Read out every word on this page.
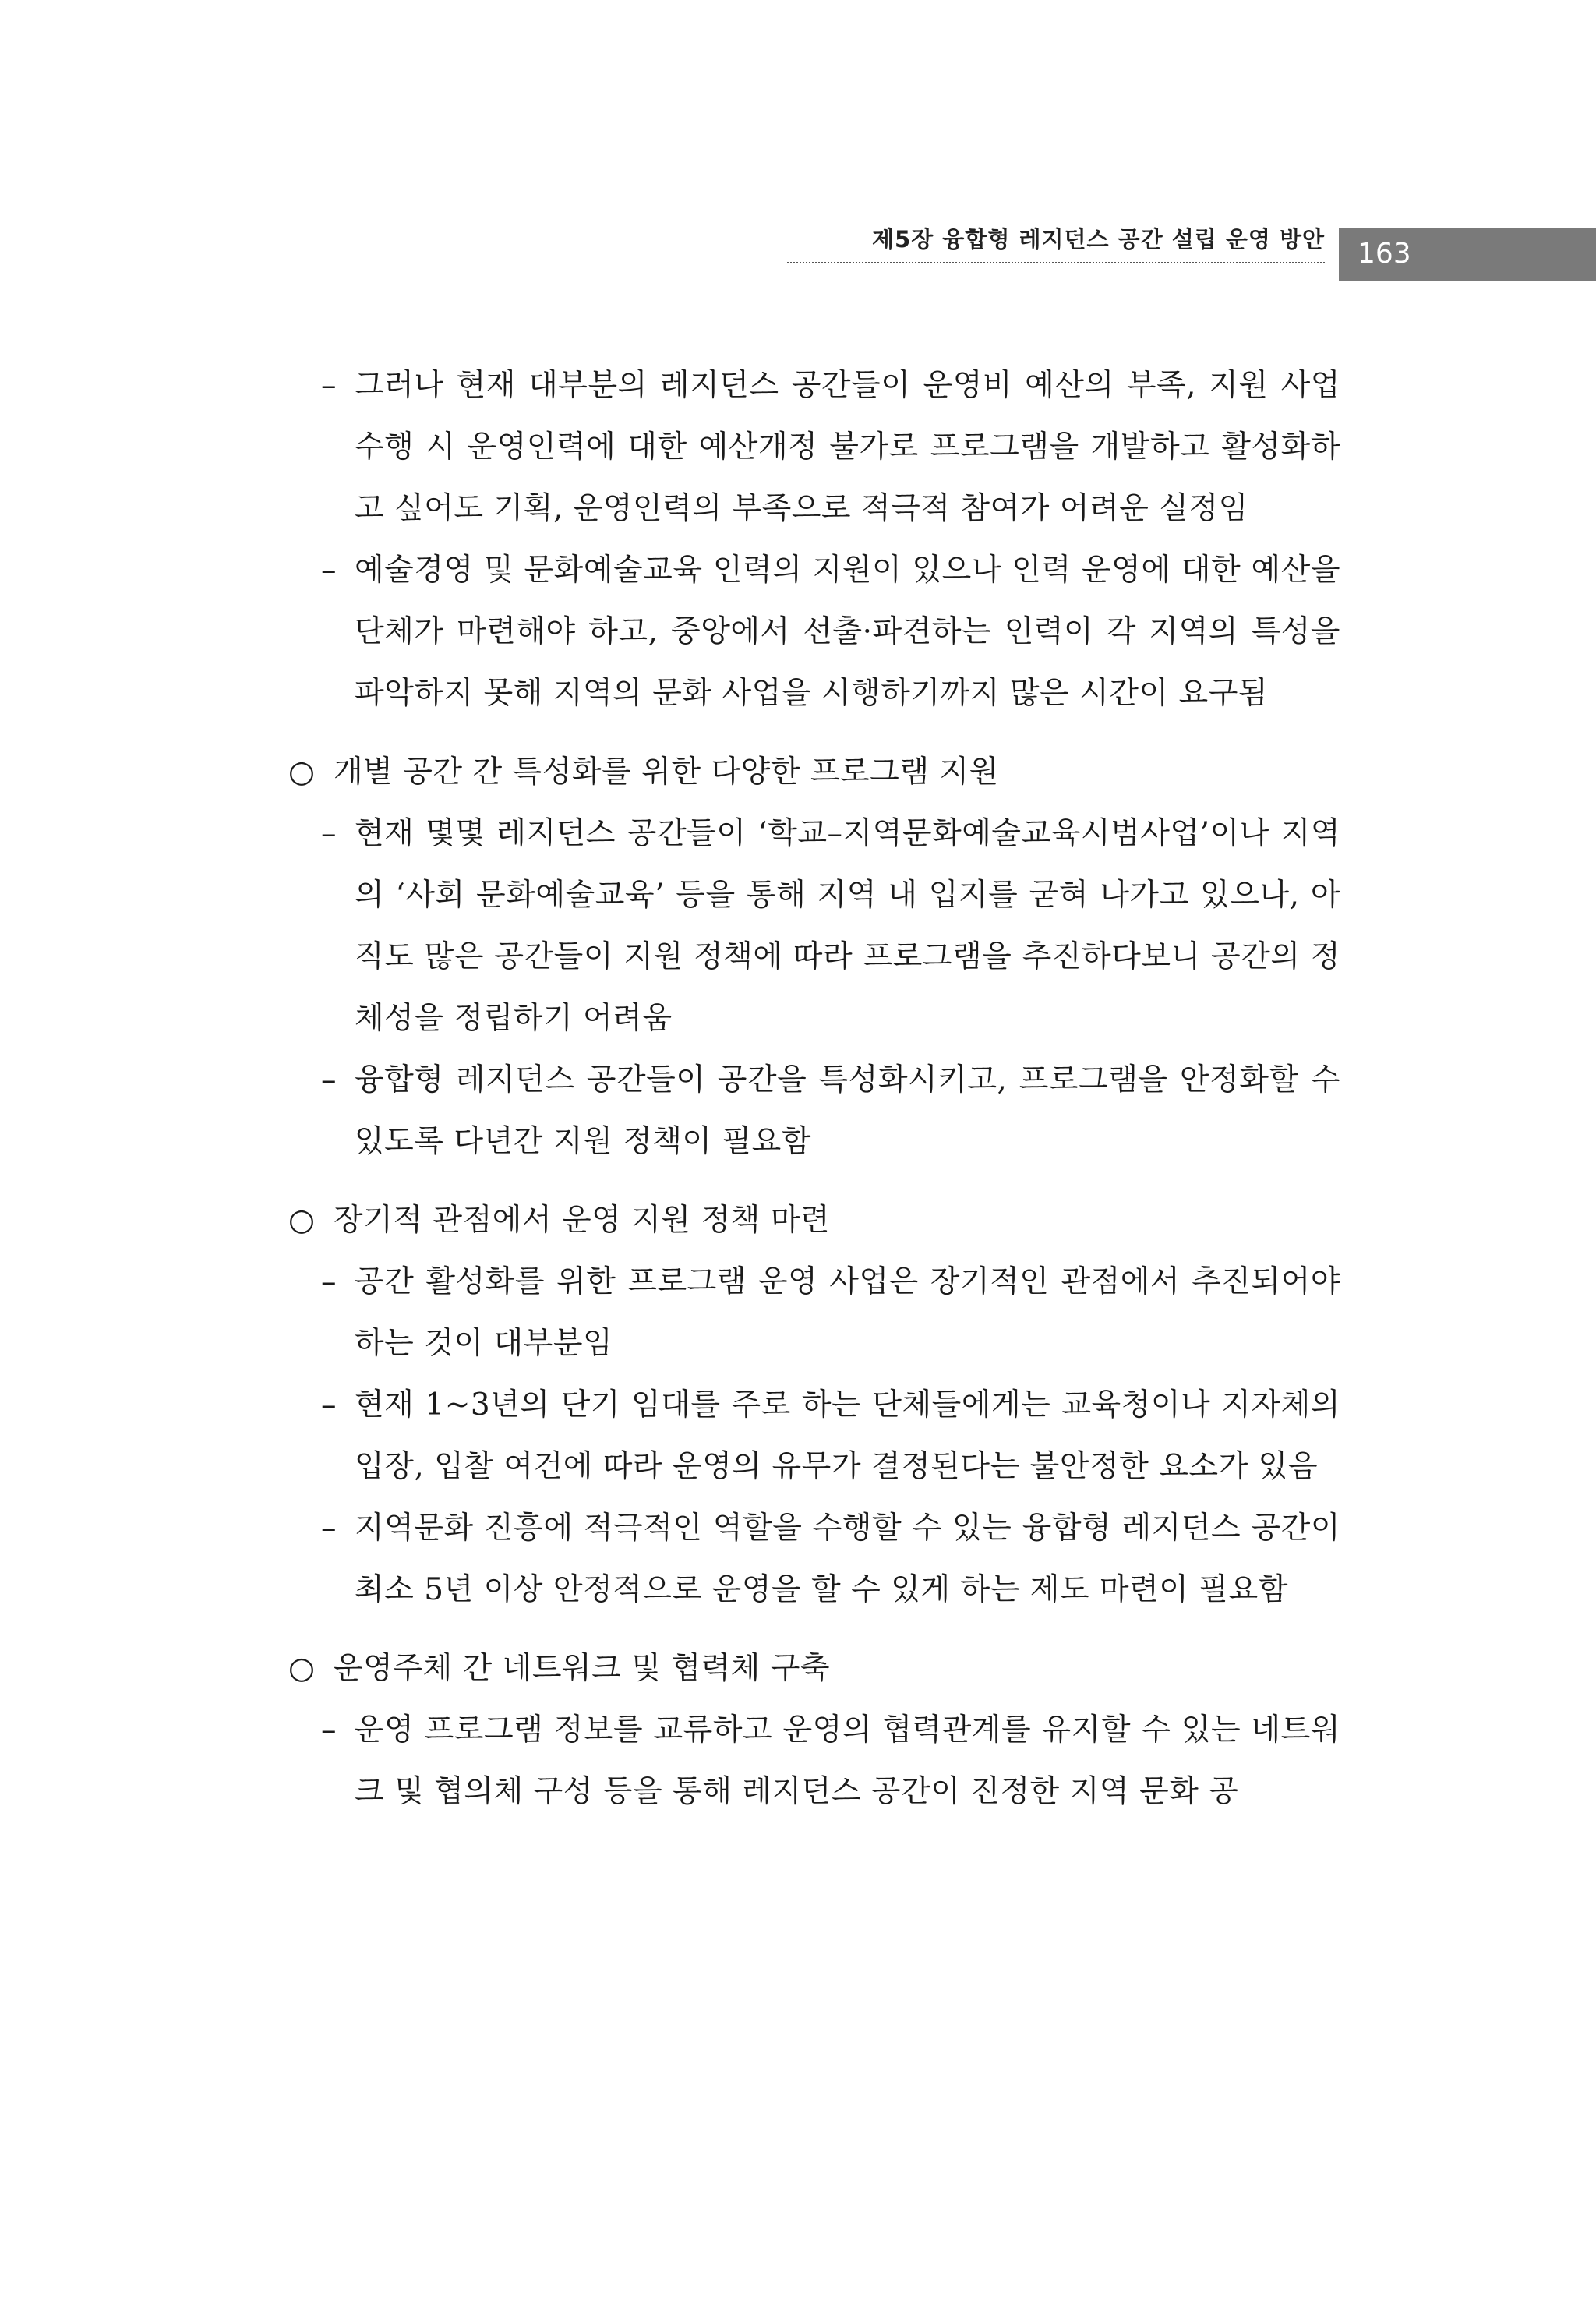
제5장 융합형 레지던스 공간 설립 운영 방안	163
– 그러나 현재 대부분의 레지던스 공간들이 운영비 예산의 부족, 지원 사업 수행 시 운영인력에 대한 예산개정 불가로 프로그램을 개발하고 활성화하고 싶어도 기획, 운영인력의 부족으로 적극적 참여가 어려운 실정임
– 예술경영 및 문화예술교육 인력의 지원이 있으나 인력 운영에 대한 예산을 단체가 마련해야 하고, 중앙에서 선출·파견하는 인력이 각 지역의 특성을 파악하지 못해 지역의 문화 사업을 시행하기까지 많은 시간이 요구됨
○ 개별 공간 간 특성화를 위한 다양한 프로그램 지원
– 현재 몇몇 레지던스 공간들이 ‘학교–지역문화예술교육시범사업’이나 지역의 ‘사회 문화예술교육’ 등을 통해 지역 내 입지를 굳혀 나가고 있으나, 아직도 많은 공간들이 지원 정책에 따라 프로그램을 추진하다보니 공간의 정체성을 정립하기 어려움
– 융합형 레지던스 공간들이 공간을 특성화시키고, 프로그램을 안정화할 수 있도록 다년간 지원 정책이 필요함
○ 장기적 관점에서 운영 지원 정책 마련
– 공간 활성화를 위한 프로그램 운영 사업은 장기적인 관점에서 추진되어야 하는 것이 대부분임
– 현재 1~3년의 단기 임대를 주로 하는 단체들에게는 교육청이나 지자체의 입장, 입찰 여건에 따라 운영의 유무가 결정된다는 불안정한 요소가 있음
– 지역문화 진흥에 적극적인 역할을 수행할 수 있는 융합형 레지던스 공간이 최소 5년 이상 안정적으로 운영을 할 수 있게 하는 제도 마련이 필요함
○ 운영주체 간 네트워크 및 협력체 구축
– 운영 프로그램 정보를 교류하고 운영의 협력관계를 유지할 수 있는 네트워크 및 협의체 구성 등을 통해 레지던스 공간이 진정한 지역 문화 공
